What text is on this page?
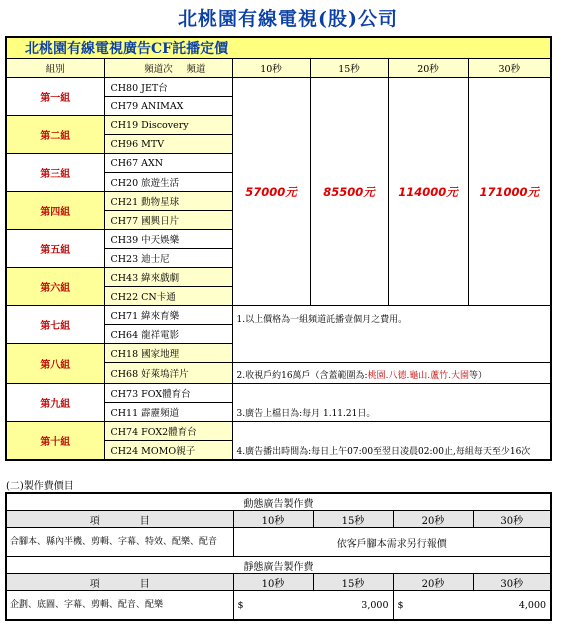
北桃園有線電視(股)公司
北桃園有線電視廣告CF託播定價					
組別	頻道次 頻道	10秒	15秒	20秒	30秒
第一組	CH80 JET台	57000元	85500元	114000元	171000元
	CH79 ANIMAX				
第二組	CH19 Discovery				
	CH96 MTV				
第三組	CH67 AXN				
	CH20 旅遊生活				
第四組	CH21 動物星球				
	CH77 國興日片				
第五組	CH39 中天娛樂				
	CH23 迪士尼				
第六組	CH43 緯來戲劇				
	CH22 CN卡通				
第七組	CH71 緯來育樂	1.以上價格為一組頻道託播壹個月之費用。			
	CH64 龍祥電影				
第八組	CH18 國家地理				
	CH68 好萊塢洋片	2.收視戶約16萬戶（含蓋範圍為:桃園.八德.龜山.蘆竹.大園等）			
第九組	CH73 FOX體育台	3.廣告上檔日為:每月 1.11.21日。			
	CH11 霹靂頻道				
第十組	CH74 FOX2體育台	4.廣告播出時間為:每日上午07:00至翌日凌晨02:00止,每組每天至少16次			
	CH24 MOMO親子				
(二)製作費價目
動態廣告製作費				
項　　　　目	10秒	15秒	20秒	30秒
合腳本、縣內半機、剪輯、字幕、特效、配樂、配音	依客戶腳本需求另行報價			
靜態廣告製作費				
項　　　　目	10秒	15秒	20秒	30秒
企劃、底圖、字幕、剪輯、配音、配樂	$ 3,000		$ 4,000	
